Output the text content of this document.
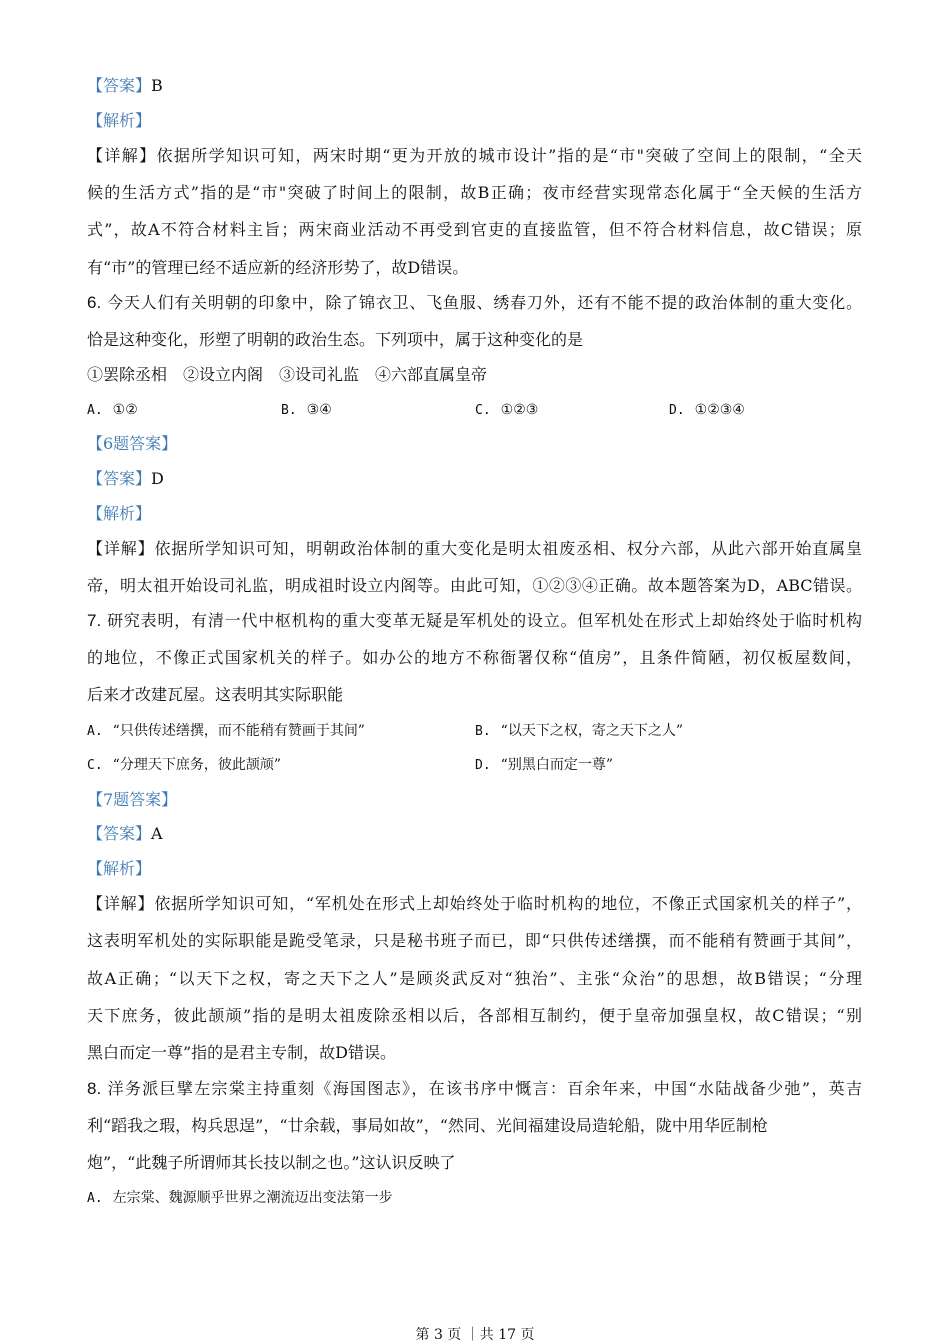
【答案】B
【解析】
【详解】依据所学知识可知，两宋时期“更为开放的城市设计”指的是“市"突破了空间上的限制，“全天
候的生活方式”指的是“市"突破了时间上的限制，故B正确；夜市经营实现常态化属于“全天候的生活方
式”，故A不符合材料主旨；两宋商业活动不再受到官吏的直接监管，但不符合材料信息，故C错误；原
有“市”的管理已经不适应新的经济形势了，故D错误。
6. 今天人们有关明朝的印象中，除了锦衣卫、飞鱼服、绣春刀外，还有不能不提的政治体制的重大变化。
恰是这种变化，形塑了明朝的政治生态。下列项中，属于这种变化的是
①罢除丞相　②设立内阁　③设司礼监　④六部直属皇帝
A. ①②	B. ③④	C. ①②③	D. ①②③④
【6题答案】
【答案】D
【解析】
【详解】依据所学知识可知，明朝政治体制的重大变化是明太祖废丞相、权分六部，从此六部开始直属皇
帝，明太祖开始设司礼监，明成祖时设立内阁等。由此可知，①②③④正确。故本题答案为D，ABC错误。
7. 研究表明，有清一代中枢机构的重大变革无疑是军机处的设立。但军机处在形式上却始终处于临时机构
的地位，不像正式国家机关的样子。如办公的地方不称衙署仅称“值房”，且条件简陋，初仅板屋数间，
后来才改建瓦屋。这表明其实际职能
A. “只供传述缮撰，而不能稍有赞画于其间”	B. “以天下之权，寄之天下之人”
C. “分理天下庶务，彼此颉颃”	D. “别黑白而定一尊”
【7题答案】
【答案】A
【解析】
【详解】依据所学知识可知，“军机处在形式上却始终处于临时机构的地位，不像正式国家机关的样子”，
这表明军机处的实际职能是跪受笔录，只是秘书班子而已，即“只供传述缮撰，而不能稍有赞画于其间”，
故A正确；“以天下之权，寄之天下之人”是顾炎武反对“独治”、主张“众治”的思想，故B错误；“分理
天下庶务，彼此颉颃”指的是明太祖废除丞相以后，各部相互制约，便于皇帝加强皇权，故C错误；“别
黑白而定一尊”指的是君主专制，故D错误。
8. 洋务派巨擘左宗棠主持重刻《海国图志》，在该书序中慨言：百余年来，中国“水陆战备少弛”，英吉
利“蹈我之瑕，构兵思逞”，“廿余载，事局如故”，“然同、光间福建设局造轮船，陇中用华匠制枪
炮”，“此魏子所谓师其长技以制之也。”这认识反映了
A. 左宗棠、魏源顺乎世界之潮流迈出变法第一步
第 3 页 ｜共 17 页
